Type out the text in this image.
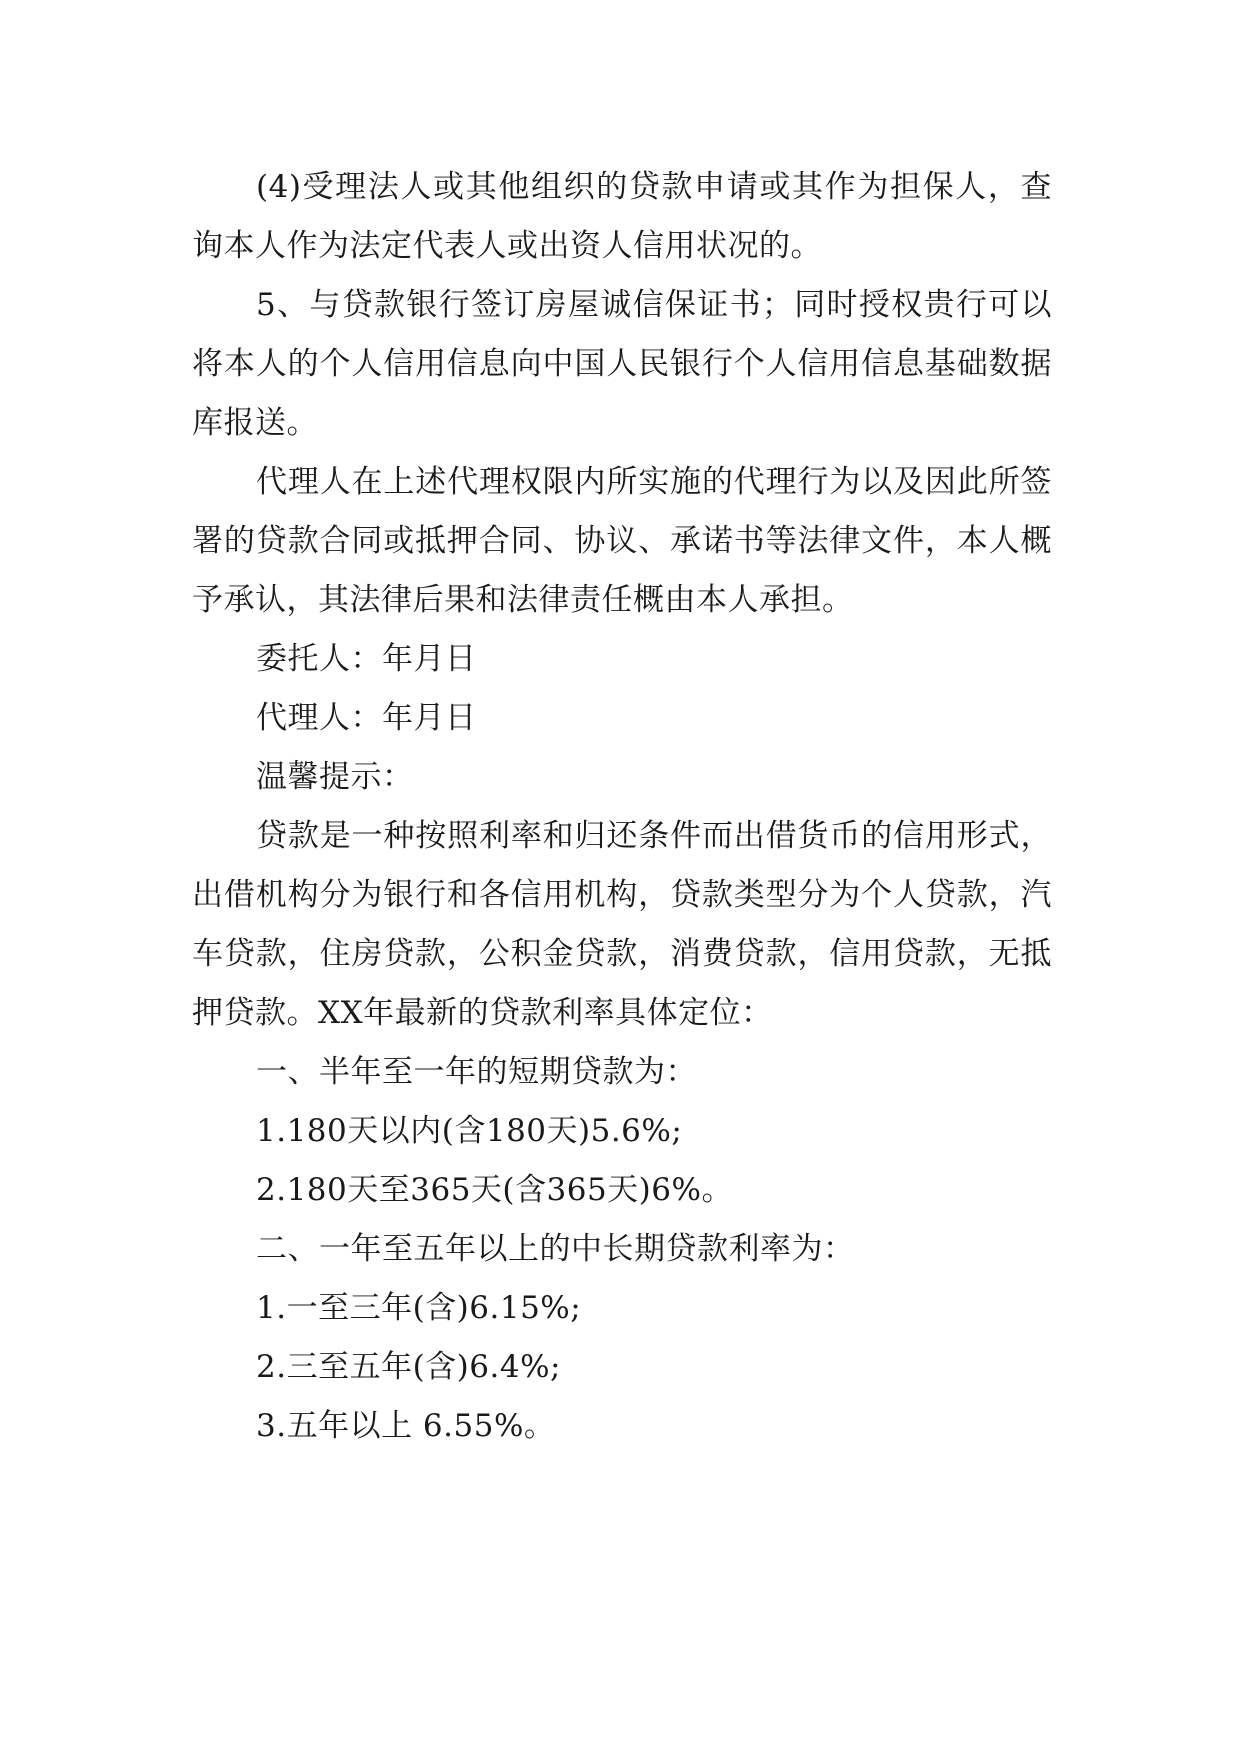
(4)受理法人或其他组织的贷款申请或其作为担保人，查询本人作为法定代表人或出资人信用状况的。

5、与贷款银行签订房屋诚信保证书；同时授权贵行可以将本人的个人信用信息向中国人民银行个人信用信息基础数据库报送。

代理人在上述代理权限内所实施的代理行为以及因此所签署的贷款合同或抵押合同、协议、承诺书等法律文件，本人概予承认，其法律后果和法律责任概由本人承担。

委托人：年月日

代理人：年月日

温馨提示：

贷款是一种按照利率和归还条件而出借货币的信用形式，出借机构分为银行和各信用机构，贷款类型分为个人贷款，汽车贷款，住房贷款，公积金贷款，消费贷款，信用贷款，无抵押贷款。XX年最新的贷款利率具体定位：

一、半年至一年的短期贷款为：

1.180天以内(含180天)5.6%;

2.180天至365天(含365天)6%。

二、一年至五年以上的中长期贷款利率为：

1.一至三年(含)6.15%;

2.三至五年(含)6.4%;

3.五年以上 6.55%。
